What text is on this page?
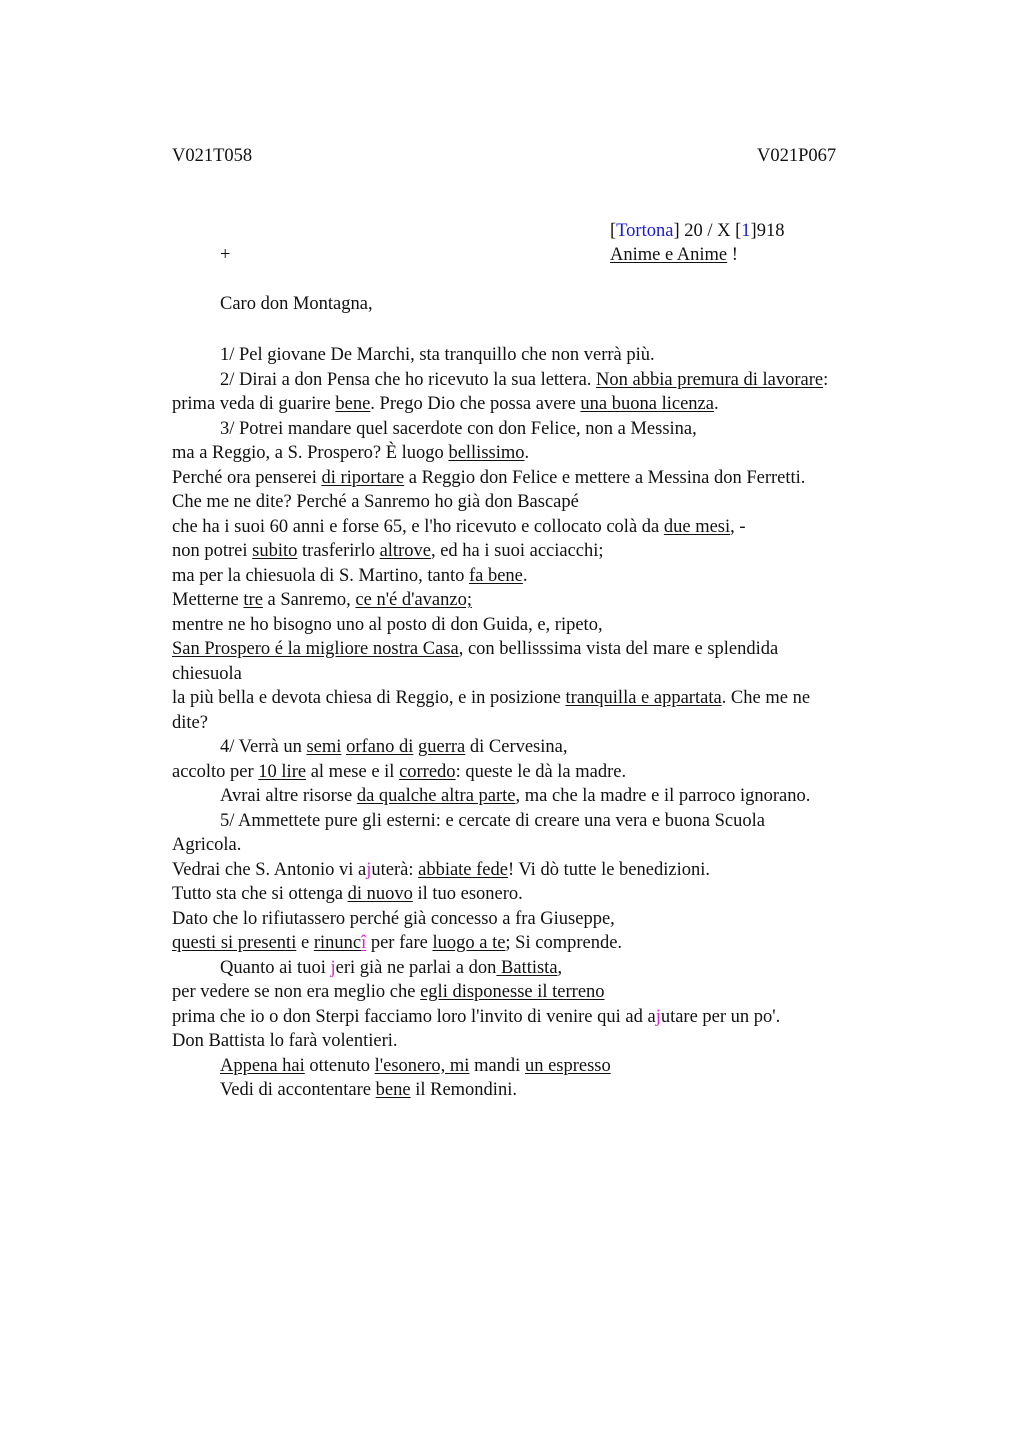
V021T058	V021P067
[Tortona] 20 / X [1]918
Anime e Anime !
+
Caro don Montagna,
1/ Pel giovane De Marchi, sta tranquillo che non verrà più.
2/ Dirai a don Pensa che ho ricevuto la sua lettera. Non abbia premura di lavorare:
prima veda di guarire bene. Prego Dio che possa avere una buona licenza.
3/ Potrei mandare quel sacerdote con don Felice, non a Messina,
ma a Reggio, a S. Prospero? È luogo bellissimo.
Perché ora penserei di riportare a Reggio don Felice e mettere a Messina don Ferretti.
Che me ne dite? Perché a Sanremo ho già don Bascapé
che ha i suoi 60 anni e forse 65, e l'ho ricevuto e collocato colà da due mesi, -
non potrei subito trasferirlo altrove, ed ha i suoi acciacchi;
ma per la chiesuola di S. Martino, tanto fa bene.
Metterne tre a Sanremo, ce n'é d'avanzo;
mentre ne ho bisogno uno al posto di don Guida, e, ripeto,
San Prospero é la migliore nostra Casa, con bellisssima vista del mare e splendida
chiesuola
la più bella e devota chiesa di Reggio, e in posizione tranquilla e appartata. Che me ne
dite?
4/ Verrà un semi orfano di guerra di Cervesina,
accolto per 10 lire al mese e il corredo: queste le dà la madre.
Avrai altre risorse da qualche altra parte, ma che la madre e il parroco ignorano.
5/ Ammettete pure gli esterni: e cercate di creare una vera e buona Scuola
Agricola.
Vedrai che S. Antonio vi ajuterà: abbiate fede! Vi dò tutte le benedizioni.
Tutto sta che si ottenga di nuovo il tuo esonero.
Dato che lo rifiutassero perché già concesso a fra Giuseppe,
questi si presenti e rinuncî per fare luogo a te; Si comprende.
Quanto ai tuoi jeri già ne parlai a don Battista,
per vedere se non era meglio che egli disponesse il terreno
prima che io o don Sterpi facciamo loro l'invito di venire qui ad ajutare per un po'.
Don Battista lo farà volentieri.
Appena hai ottenuto l'esonero, mi mandi un espresso
Vedi di accontentare bene il Remondini.
